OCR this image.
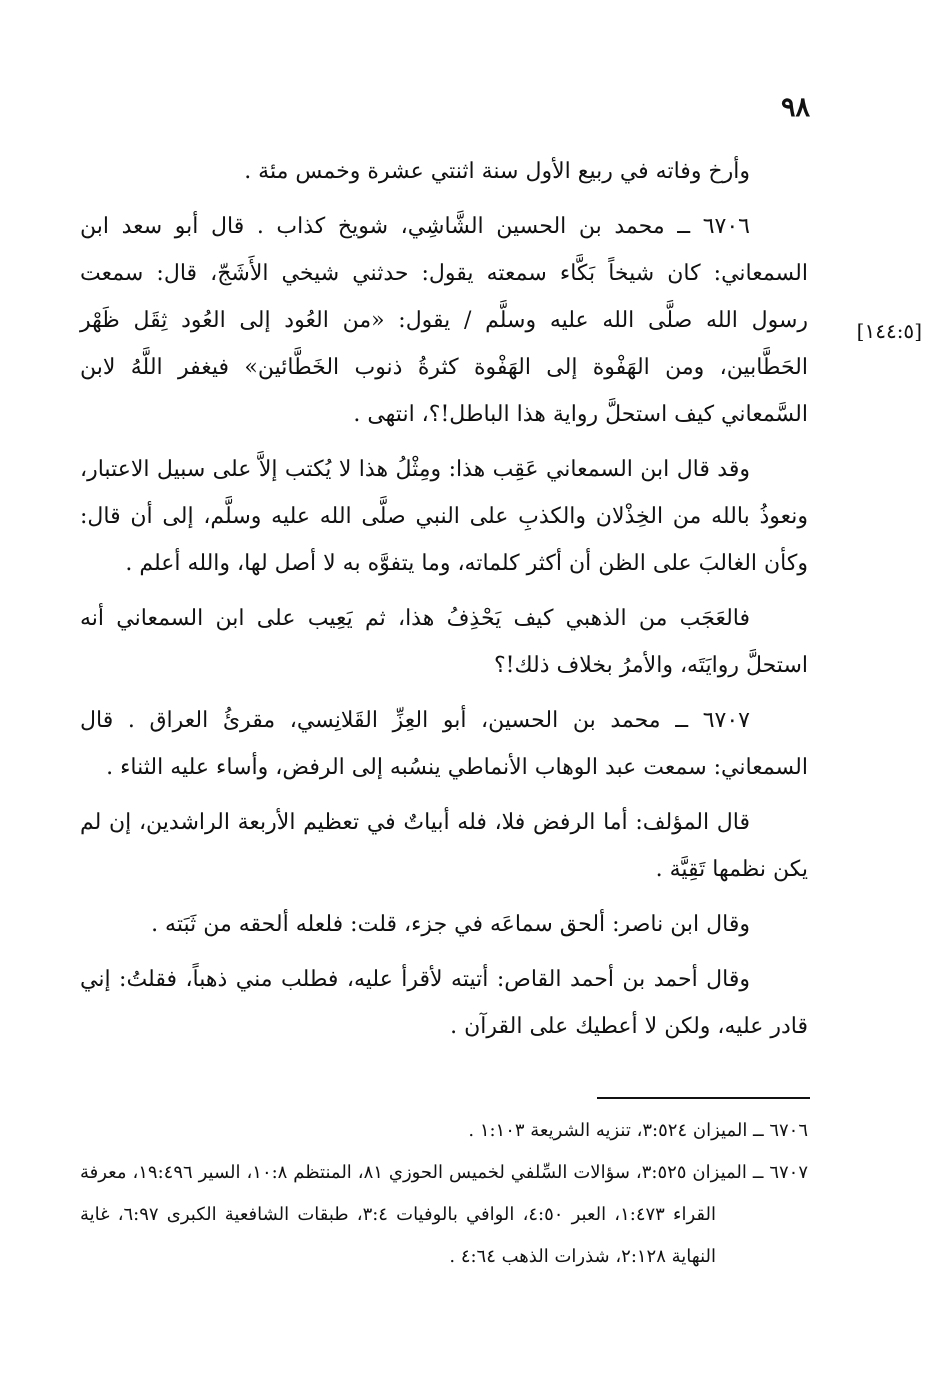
٩٨
[١٤٤:٥]

وأرخ وفاته في ربيع الأول سنة اثنتي عشرة وخمس مئة .

٦٧٠٦ ــ محمد بن الحسين الشَّاشِي، شويخ كذاب . قال أبو سعد ابن السمعاني: كان شيخاً بَكَّاء سمعته يقول: حدثني شيخي الأَشَجّ، قال: سمعت رسول الله صلَّى الله عليه وسلَّم / يقول: «من العُود إلى العُود ثِقَل ظَهْر الحَطَّابين، ومن الهَفْوة إلى الهَفْوة كثرةُ ذنوب الخَطَّائين» فيغفر اللَّهُ لابن السَّمعاني كيف استحلَّ رواية هذا الباطل!؟، انتهى .

وقد قال ابن السمعاني عَقِب هذا: ومِثْلُ هذا لا يُكتب إلاَّ على سبيل الاعتبار، ونعوذُ بالله من الخِذْلان والكذبِ على النبي صلَّى الله عليه وسلَّم، إلى أن قال: وكأن الغالبَ على الظن أن أكثر كلماته، وما يتفوَّه به لا أصل لها، والله أعلم .

فالعَجَب من الذهبي كيف يَحْذِفُ هذا، ثم يَعِيب على ابن السمعاني أنه استحلَّ روايَتَه، والأمرُ بخلاف ذلك!؟

٦٧٠٧ ــ محمد بن الحسين، أبو العِزِّ القَلانِسي، مقرئُ العراق . قال السمعاني: سمعت عبد الوهاب الأنماطي ينسُبه إلى الرفض، وأساء عليه الثناء .

قال المؤلف: أما الرفض فلا، فله أبياتٌ في تعظيم الأربعة الراشدين، إن لم يكن نظمها تَقِيَّة .

وقال ابن ناصر: ألحق سماعَه في جزء، قلت: فلعله ألحقه من ثَبَته .

وقال أحمد بن أحمد القاص: أتيته لأقرأ عليه، فطلب مني ذهباً، فقلتُ: إني قادر عليه، ولكن لا أعطيك على القرآن .

٦٧٠٦ ــ الميزان ٣:٥٢٤، تنزيه الشريعة ١:١٠٣ .

٦٧٠٧ ــ الميزان ٣:٥٢٥، سؤالات السِّلفي لخميس الحوزي ٨١، المنتظم ١٠:٨، السير ١٩:٤٩٦، معرفة القراء ١:٤٧٣، العبر ٤:٥٠، الوافي بالوفيات ٣:٤، طبقات الشافعية الكبرى ٦:٩٧، غاية النهاية ٢:١٢٨، شذرات الذهب ٤:٦٤ .
